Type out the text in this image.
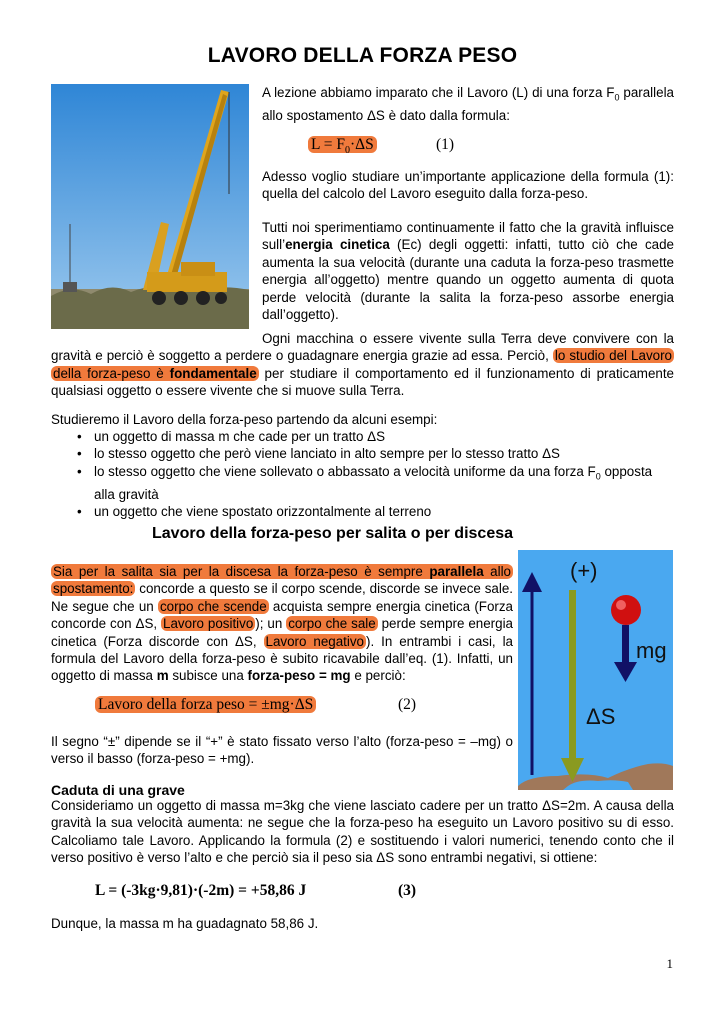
LAVORO DELLA FORZA PESO
A lezione abbiamo imparato che il Lavoro (L) di una forza $F_0$ parallela allo spostamento ΔS è dato dalla formula:
$L = F_0\cdot\Delta S$	(1)
Adesso voglio studiare un’importante applicazione della formula (1): quella del calcolo del Lavoro eseguito dalla forza-peso.
Tutti noi sperimentiamo continuamente il fatto che la gravità influisce sull’energia cinetica (Ec) degli oggetti: infatti, tutto ciò che cade aumenta la sua velocità (durante una caduta la forza-peso trasmette energia all’oggetto) mentre quando un oggetto aumenta di quota perde velocità (durante la salita la forza-peso assorbe energia dall’oggetto).
Ogni macchina o essere vivente sulla Terra deve convivere con la gravità e perciò è soggetto a perdere o guadagnare energia grazie ad essa. Perciò, lo studio del Lavoro della forza-peso è fondamentale per studiare il comportamento ed il funzionamento di praticamente qualsiasi oggetto o essere vivente che si muove sulla Terra.
Studieremo il Lavoro della forza-peso partendo da alcuni esempi:
• un oggetto di massa m che cade per un tratto ΔS
• lo stesso oggetto che però viene lanciato in alto sempre per lo stesso tratto ΔS
• lo stesso oggetto che viene sollevato o abbassato a velocità uniforme da una forza $F_0$ opposta
alla gravità
• un oggetto che viene spostato orizzontalmente al terreno
Lavoro della forza-peso per salita o per discesa
Sia per la salita sia per la discesa la forza-peso è sempre parallela allo spostamento: concorde a questo se il corpo scende, discorde se invece sale. Ne segue che un corpo che scende acquista sempre energia cinetica (Forza concorde con ΔS, Lavoro positivo ); un corpo che sale perde sempre energia cinetica (Forza discorde con ΔS, Lavoro negativo ). In entrambi i casi, la formula del Lavoro della forza-peso è subito ricavabile dall’eq. (1). Infatti, un oggetto di massa m subisce una forza-peso = mg e perciò:
Lavoro della forza peso = ±mg·ΔS	(2)
Il segno “±” dipende se il “+” è stato fissato verso l’alto (forza-peso = –mg) o verso il basso (forza-peso = +mg).
(+)
mg
ΔS
Caduta di una grave
Consideriamo un oggetto di massa m=3kg che viene lasciato cadere per un tratto ΔS=2m. A causa della gravità la sua velocità aumenta: ne segue che la forza-peso ha eseguito un Lavoro positivo su di esso. Calcoliamo tale Lavoro. Applicando la formula (2) e sostituendo i valori numerici, tenendo conto che il verso positivo è verso l’alto e che perciò sia il peso sia ΔS sono entrambi negativi, si ottiene:
L = (-3kg·9,81)·(-2m) = +58,86 J	(3)
Dunque, la massa m ha guadagnato 58,86 J.
1
